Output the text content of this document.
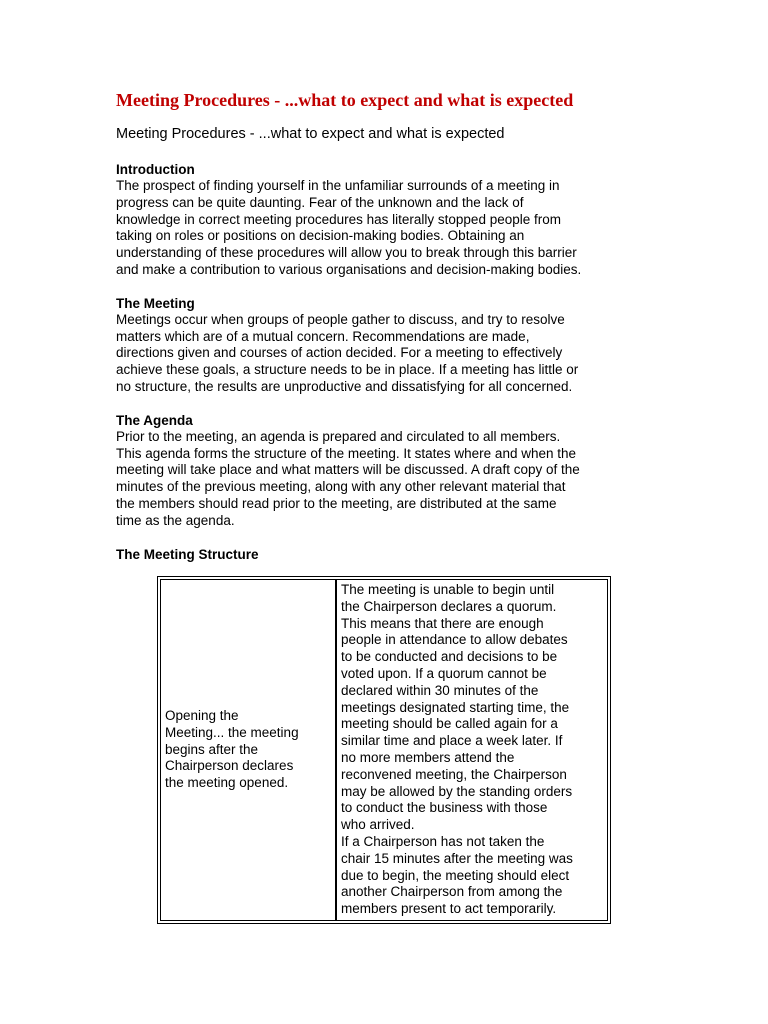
Meeting Procedures - ...what to expect and what is expected
Meeting Procedures - ...what to expect and what is expected
Introduction
The prospect of finding yourself in the unfamiliar surrounds of a meeting in
progress can be quite daunting. Fear of the unknown and the lack of
knowledge in correct meeting procedures has literally stopped people from
taking on roles or positions on decision-making bodies. Obtaining an
understanding of these procedures will allow you to break through this barrier
and make a contribution to various organisations and decision-making bodies.
The Meeting
Meetings occur when groups of people gather to discuss, and try to resolve
matters which are of a mutual concern. Recommendations are made,
directions given and courses of action decided. For a meeting to effectively
achieve these goals, a structure needs to be in place. If a meeting has little or
no structure, the results are unproductive and dissatisfying for all concerned.
The Agenda
Prior to the meeting, an agenda is prepared and circulated to all members.
This agenda forms the structure of the meeting. It states where and when the
meeting will take place and what matters will be discussed. A draft copy of the
minutes of the previous meeting, along with any other relevant material that
the members should read prior to the meeting, are distributed at the same
time as the agenda.
The Meeting Structure
Opening the
Meeting... the meeting
begins after the
Chairperson declares
the meeting opened.
	The meeting is unable to begin until
the Chairperson declares a quorum.
This means that there are enough
people in attendance to allow debates
to be conducted and decisions to be
voted upon. If a quorum cannot be
declared within 30 minutes of the
meetings designated starting time, the
meeting should be called again for a
similar time and place a week later. If
no more members attend the
reconvened meeting, the Chairperson
may be allowed by the standing orders
to conduct the business with those
who arrived.
If a Chairperson has not taken the
chair 15 minutes after the meeting was
due to begin, the meeting should elect
another Chairperson from among the
members present to act temporarily.
